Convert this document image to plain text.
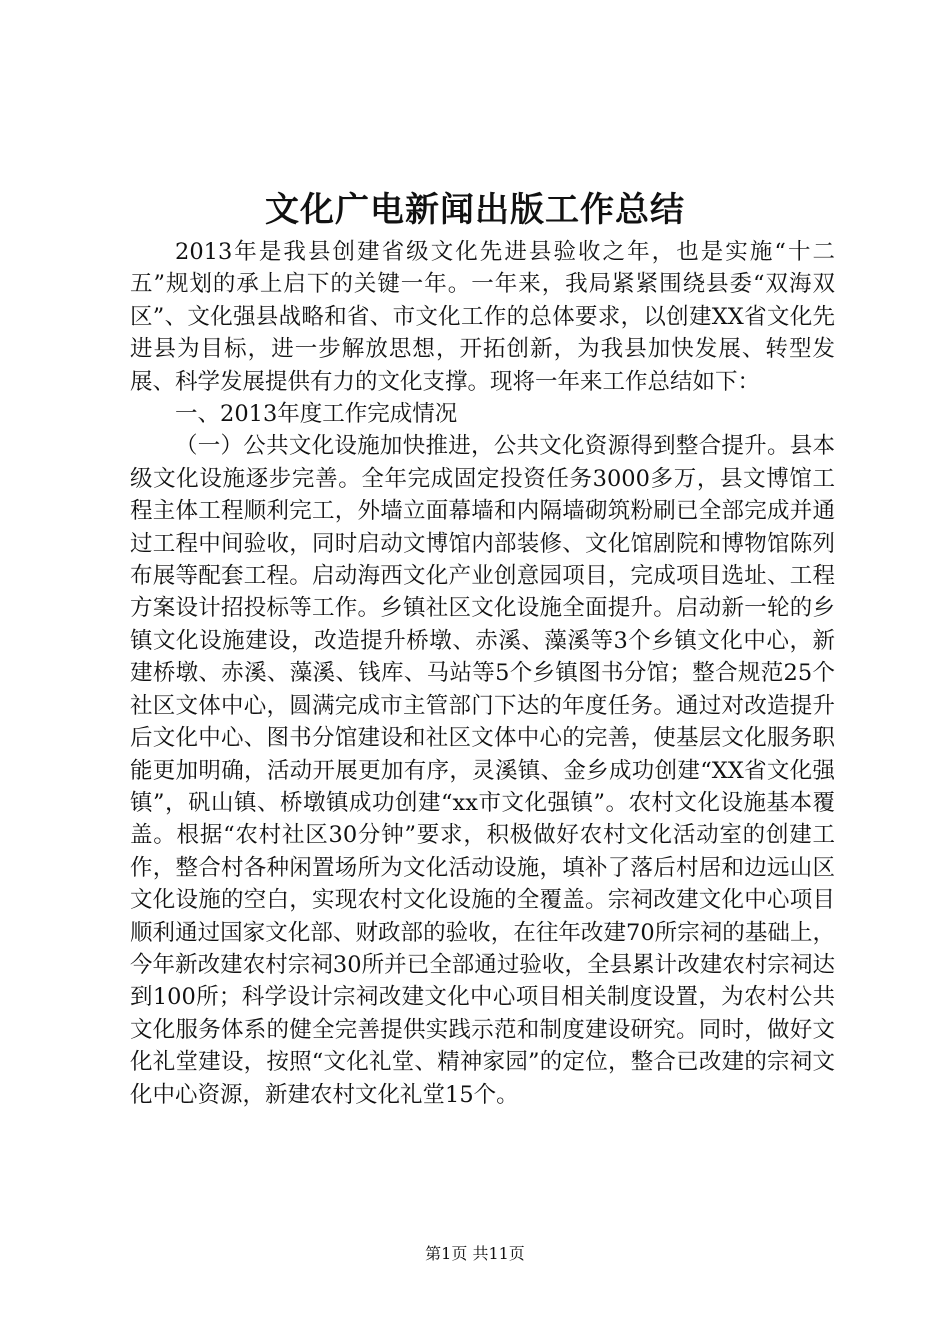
文化广电新闻出版工作总结

2013年是我县创建省级文化先进县验收之年，也是实施“十二五”规划的承上启下的关键一年。一年来，我局紧紧围绕县委“双海双区”、文化强县战略和省、市文化工作的总体要求，以创建XX省文化先进县为目标，进一步解放思想，开拓创新，为我县加快发展、转型发展、科学发展提供有力的文化支撑。现将一年来工作总结如下：

一、2013年度工作完成情况

（一）公共文化设施加快推进，公共文化资源得到整合提升。县本级文化设施逐步完善。全年完成固定投资任务3000多万，县文博馆工程主体工程顺利完工，外墙立面幕墙和内隔墙砌筑粉刷已全部完成并通过工程中间验收，同时启动文博馆内部装修、文化馆剧院和博物馆陈列布展等配套工程。启动海西文化产业创意园项目，完成项目选址、工程方案设计招投标等工作。乡镇社区文化设施全面提升。启动新一轮的乡镇文化设施建设，改造提升桥墩、赤溪、藻溪等3个乡镇文化中心，新建桥墩、赤溪、藻溪、钱库、马站等5个乡镇图书分馆；整合规范25个社区文体中心，圆满完成市主管部门下达的年度任务。通过对改造提升后文化中心、图书分馆建设和社区文体中心的完善，使基层文化服务职能更加明确，活动开展更加有序，灵溪镇、金乡成功创建“XX省文化强镇”，矾山镇、桥墩镇成功创建“xx市文化强镇”。农村文化设施基本覆盖。根据“农村社区30分钟”要求，积极做好农村文化活动室的创建工作，整合村各种闲置场所为文化活动设施，填补了落后村居和边远山区文化设施的空白，实现农村文化设施的全覆盖。宗祠改建文化中心项目顺利通过国家文化部、财政部的验收，在往年改建70所宗祠的基础上，今年新改建农村宗祠30所并已全部通过验收，全县累计改建农村宗祠达到100所；科学设计宗祠改建文化中心项目相关制度设置，为农村公共文化服务体系的健全完善提供实践示范和制度建设研究。同时，做好文化礼堂建设，按照“文化礼堂、精神家园”的定位，整合已改建的宗祠文化中心资源，新建农村文化礼堂15个。

第1页 共11页
